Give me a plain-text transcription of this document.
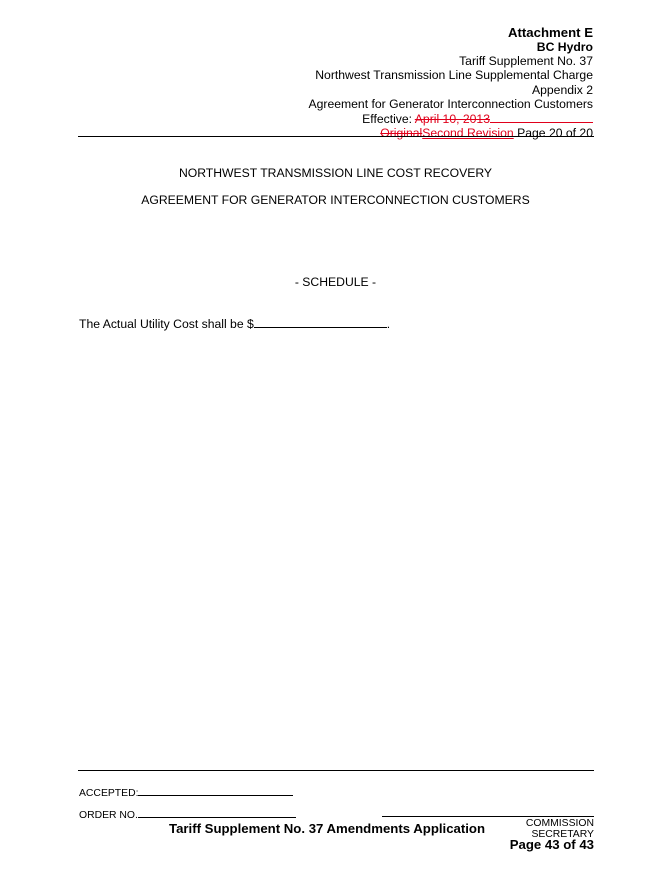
Attachment E
BC Hydro
Tariff Supplement No. 37
Northwest Transmission Line Supplemental Charge
Appendix 2
Agreement for Generator Interconnection Customers
Effective: April 10, 2013
OriginalSecond Revision Page 20 of 20
NORTHWEST TRANSMISSION LINE COST RECOVERY
AGREEMENT FOR GENERATOR INTERCONNECTION CUSTOMERS
- SCHEDULE -
The Actual Utility Cost shall be $	.
ACCEPTED:
ORDER NO.
COMMISSION SECRETARY
Tariff Supplement No. 37 Amendments Application
Page 43 of 43
